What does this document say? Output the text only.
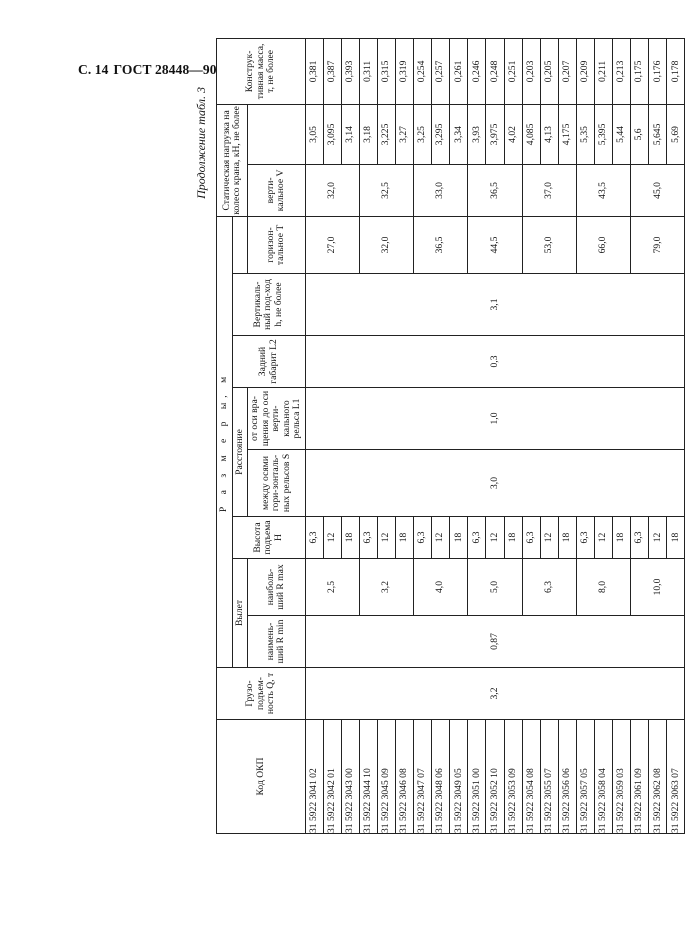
С. 14 ГОСТ 28448—90
Продолжение табл. 3
Код ОКП	Грузо-подъем-ность Q, т	Р а з м е р ы, м								Статическая нагрузка на колесо крана, кН, не более		Конструк-тивная масса, т, не более	
		Вылет		Высота подъема H	Расстояние		Задний габарит L2	Вертикаль-ный под-ход h, не более					
		наимень-ший R min	наиболь-ший R max		между осями гори-зонталь-ных рельсов S	от оси вра-щения до оси верти-кального рельса L1			горизон-тальное T	верти-кальное V			
31 5922 3041 02	3,2	0,87	2,5	6,3	3,0	1,0	0,3	3,1	27,0	32,0	3,05	0,381	
31 5922 3042 01				12							3,095	0,387	
31 5922 3043 00				18							3,14	0,393	
31 5922 3044 10			3,2	6,3					32,0	32,5	3,18	0,311	
31 5922 3045 09				12							3,225	0,315	
31 5922 3046 08				18							3,27	0,319	
31 5922 3047 07			4,0	6,3					36,5	33,0	3,25	0,254	
31 5922 3048 06				12							3,295	0,257	
31 5922 3049 05				18							3,34	0,261	
31 5922 3051 00			5,0	6,3					44,5	36,5	3,93	0,246	
31 5922 3052 10				12							3,975	0,248	
31 5922 3053 09				18							4,02	0,251	
31 5922 3054 08			6,3	6,3					53,0	37,0	4,085	0,203	
31 5922 3055 07				12							4,13	0,205	
31 5922 3056 06				18							4,175	0,207	
31 5922 3057 05			8,0	6,3					66,0	43,5	5,35	0,209	
31 5922 3058 04				12							5,395	0,211	
31 5922 3059 03				18							5,44	0,213	
31 5922 3061 09			10,0	6,3					79,0	45,0	5,6	0,175	
31 5922 3062 08				12							5,645	0,176	
31 5922 3063 07				18							5,69	0,178	
